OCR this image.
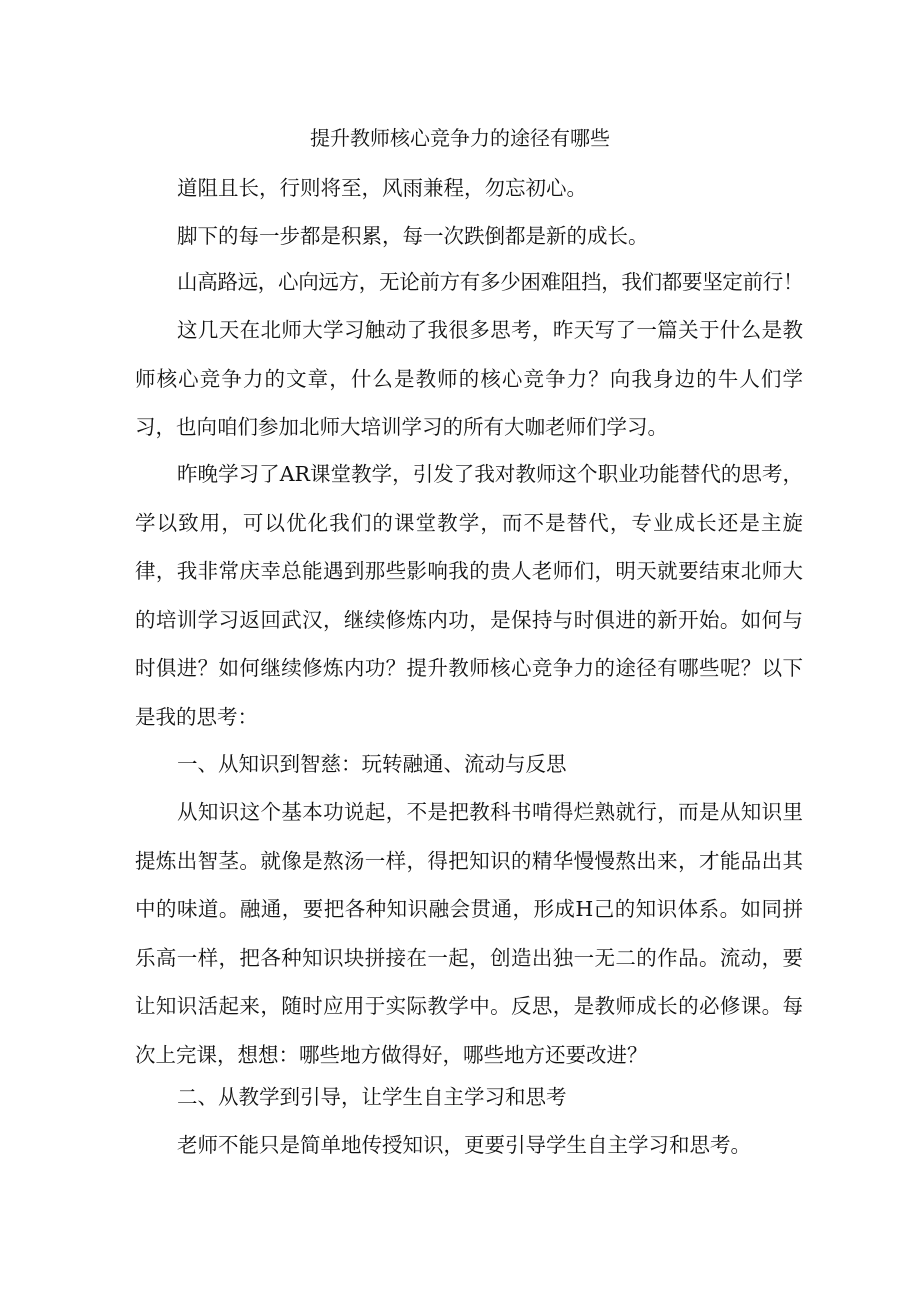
提升教师核心竞争力的途径有哪些

道阻且长，行则将至，风雨兼程，勿忘初心。

脚下的每一步都是积累，每一次跌倒都是新的成长。

山高路远，心向远方，无论前方有多少困难阻挡，我们都要坚定前行！

这几天在北师大学习触动了我很多思考，昨天写了一篇关于什么是教师核心竞争力的文章，什么是教师的核心竞争力？向我身边的牛人们学习，也向咱们参加北师大培训学习的所有大咖老师们学习。

昨晚学习了AR课堂教学，引发了我对教师这个职业功能替代的思考，学以致用，可以优化我们的课堂教学，而不是替代，专业成长还是主旋律，我非常庆幸总能遇到那些影响我的贵人老师们，明天就要结束北师大的培训学习返回武汉，继续修炼内功，是保持与时俱进的新开始。如何与时俱进？如何继续修炼内功？提升教师核心竞争力的途径有哪些呢？以下是我的思考：

一、从知识到智慈：玩转融通、流动与反思

从知识这个基本功说起，不是把教科书啃得烂熟就行，而是从知识里提炼出智茎。就像是熬汤一样，得把知识的精华慢慢熬出来，才能品出其中的味道。融通，要把各种知识融会贯通，形成H己的知识体系。如同拼乐高一样，把各种知识块拼接在一起，创造出独一无二的作品。流动，要让知识活起来，随时应用于实际教学中。反思，是教师成长的必修课。每次上完课，想想：哪些地方做得好，哪些地方还要改进？

二、从教学到引导，让学生自主学习和思考

老师不能只是简单地传授知识，更要引导学生自主学习和思考。
